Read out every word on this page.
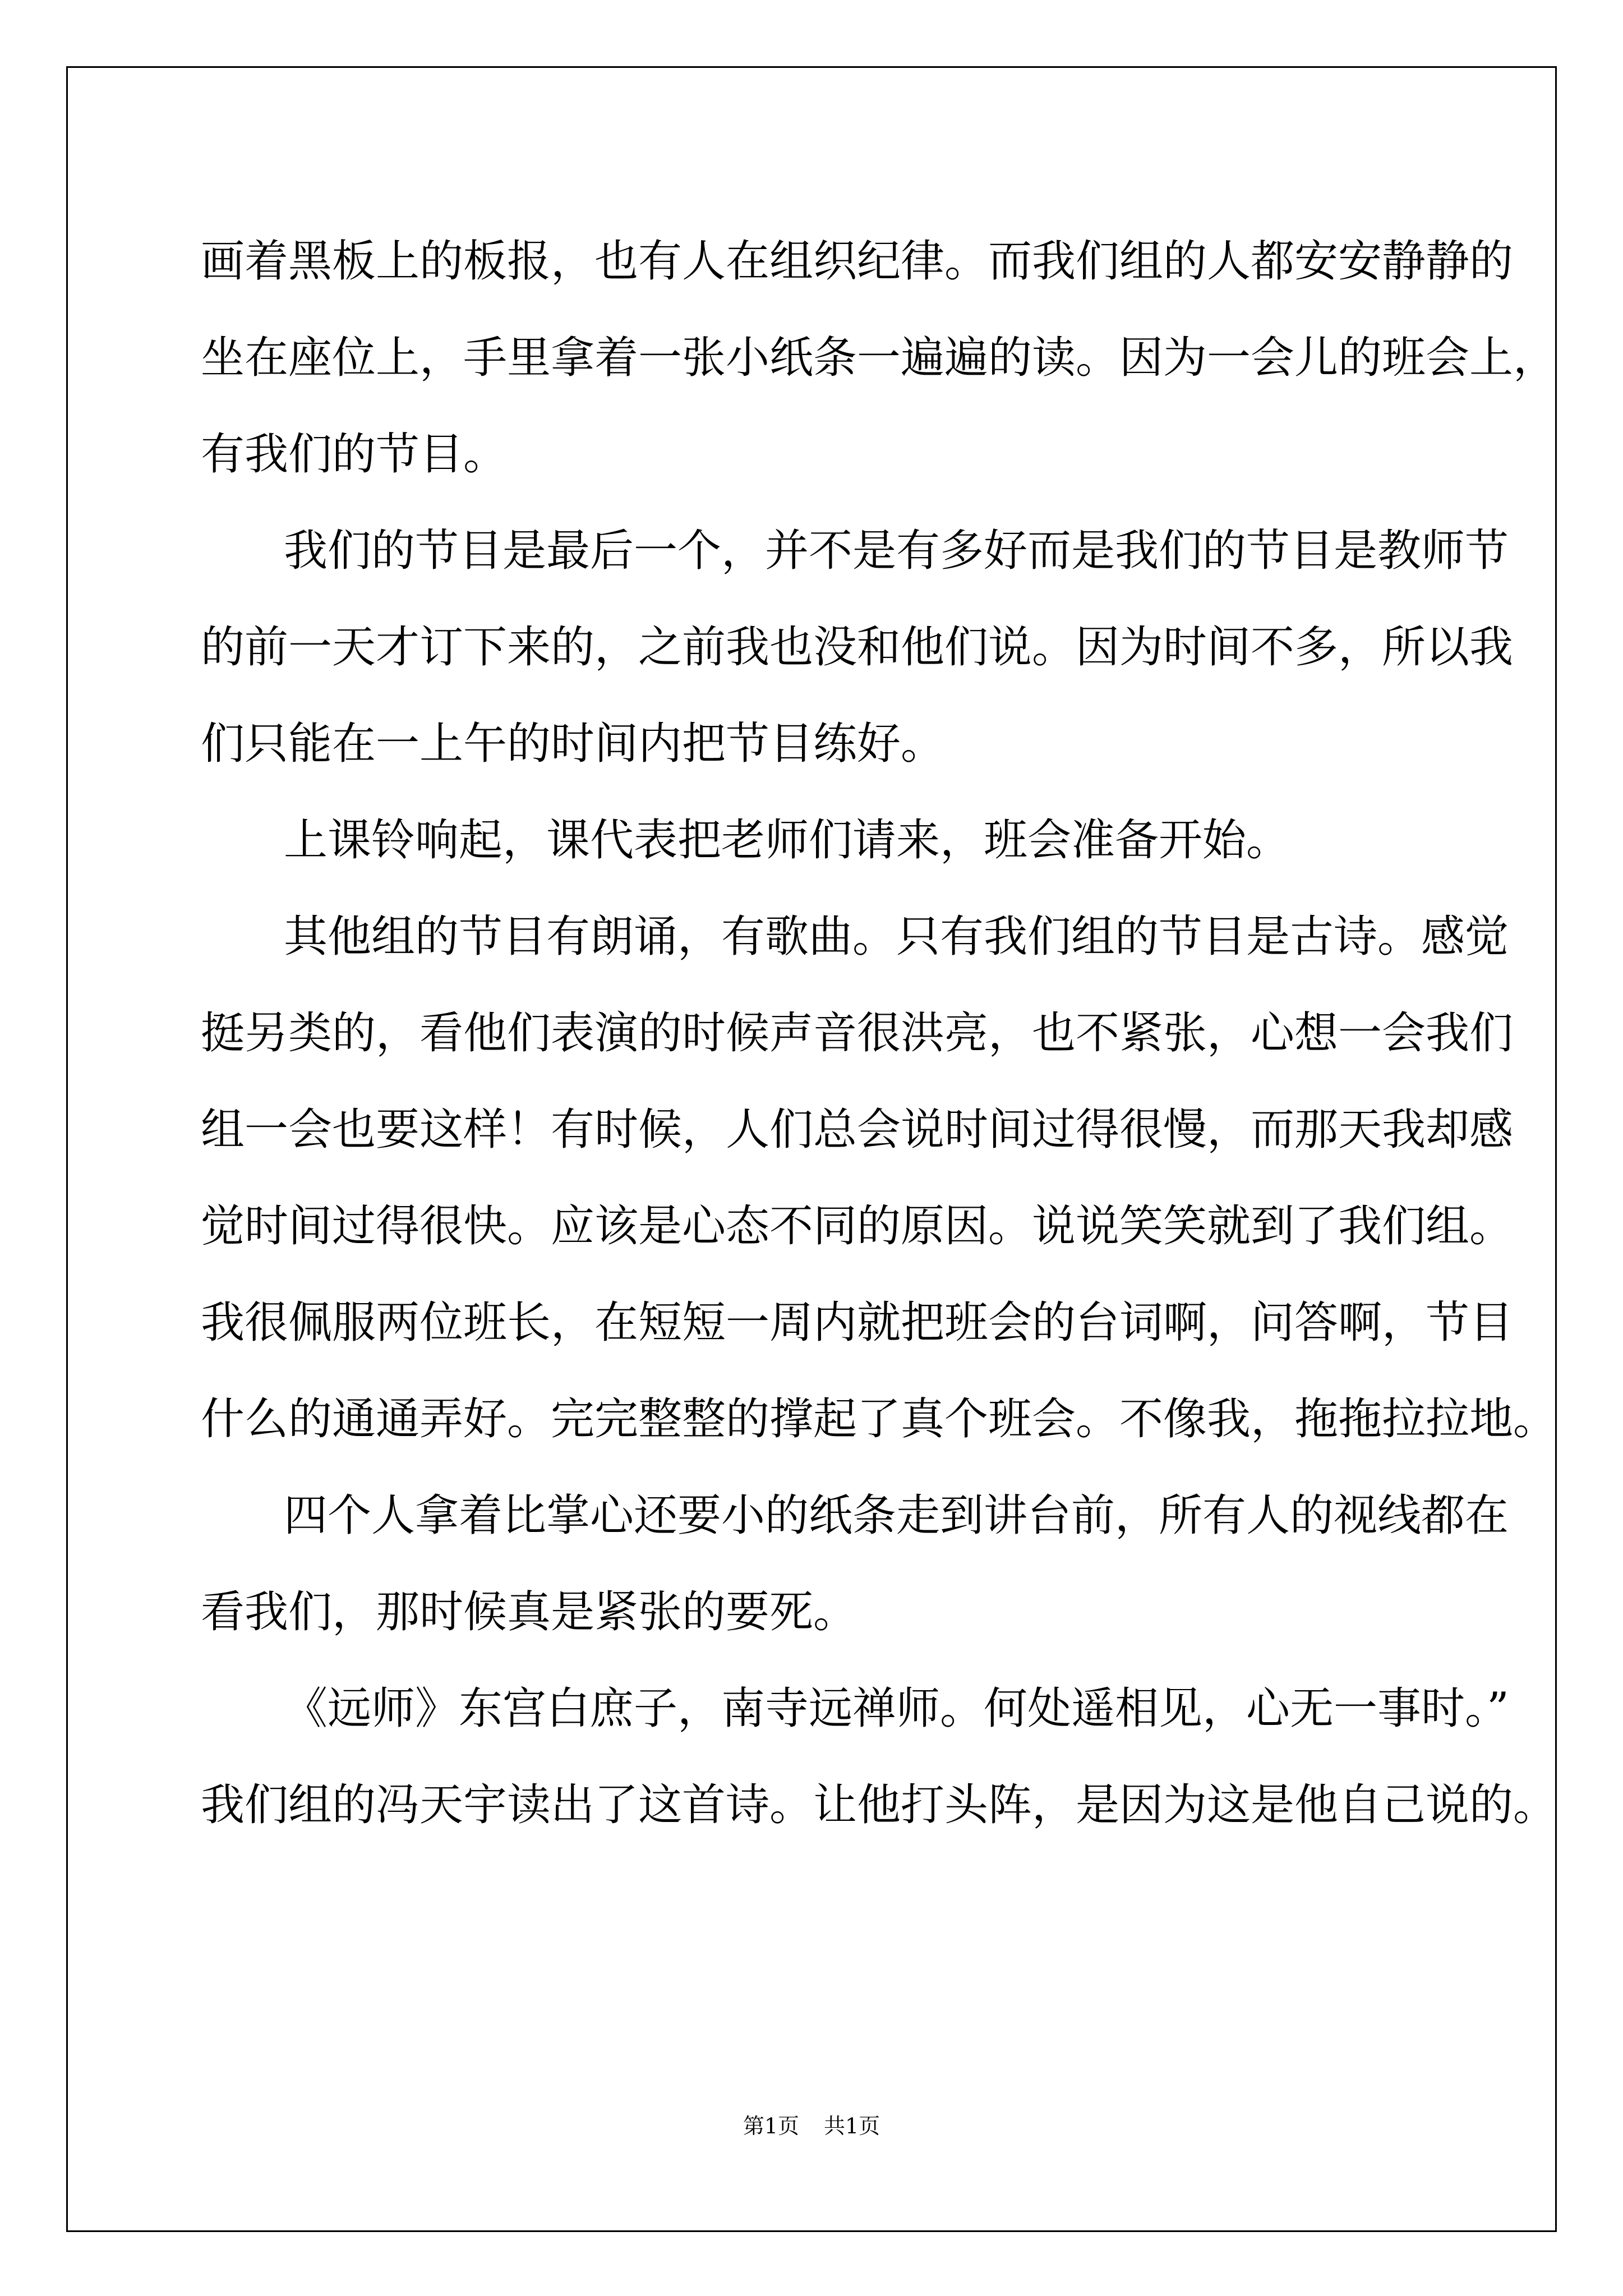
画着黑板上的板报，也有人在组织纪律。而我们组的人都安安静静的
坐在座位上，手里拿着一张小纸条一遍遍的读。因为一会儿的班会上，
有我们的节目。
我们的节目是最后一个，并不是有多好而是我们的节目是教师节
的前一天才订下来的，之前我也没和他们说。因为时间不多，所以我
们只能在一上午的时间内把节目练好。
上课铃响起，课代表把老师们请来，班会准备开始。
其他组的节目有朗诵，有歌曲。只有我们组的节目是古诗。感觉
挺另类的，看他们表演的时候声音很洪亮，也不紧张，心想一会我们
组一会也要这样！有时候，人们总会说时间过得很慢，而那天我却感
觉时间过得很快。应该是心态不同的原因。说说笑笑就到了我们组。
我很佩服两位班长，在短短一周内就把班会的台词啊，问答啊，节目
什么的通通弄好。完完整整的撑起了真个班会。不像我，拖拖拉拉地。
四个人拿着比掌心还要小的纸条走到讲台前，所有人的视线都在
看我们，那时候真是紧张的要死。
《远师》东宫白庶子，南寺远禅师。何处遥相见，心无一事时。”
我们组的冯天宇读出了这首诗。让他打头阵，是因为这是他自己说的。
第1页 共1页
